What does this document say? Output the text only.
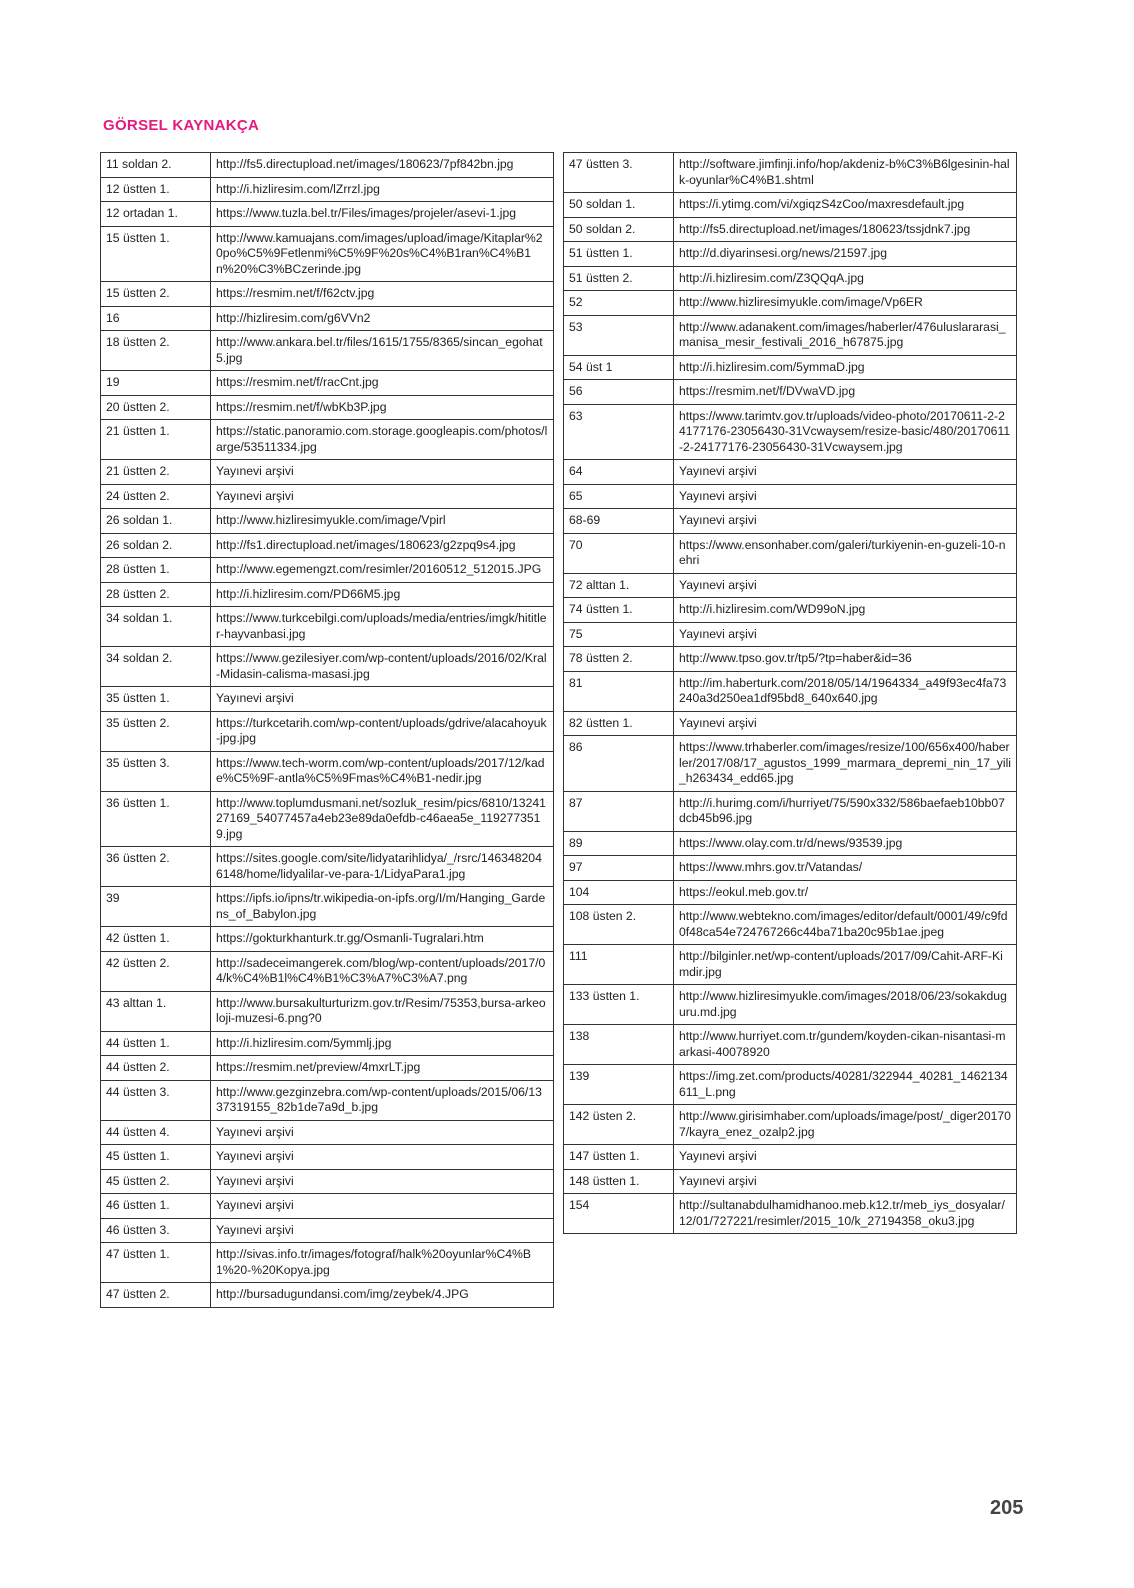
GÖRSEL KAYNAKÇA
11 soldan 2.	http://fs5.directupload.net/images/180623/7pf842bn.jpg
12 üstten 1.	http://i.hizliresim.com/lZrrzl.jpg
12 ortadan 1.	https://www.tuzla.bel.tr/Files/images/projeler/asevi-1.jpg
15 üstten 1.	http://www.kamuajans.com/images/upload/image/Kitaplar%20po%C5%9Fetlenmi%C5%9F%20s%C4%B1ran%C4%B1n%20%C3%BCzerinde.jpg
15 üstten 2.	https://resmim.net/f/f62ctv.jpg
16	http://hizliresim.com/g6VVn2
18 üstten 2.	http://www.ankara.bel.tr/files/1615/1755/8365/sincan_egohat5.jpg
19	https://resmim.net/f/racCnt.jpg
20 üstten 2.	https://resmim.net/f/wbKb3P.jpg
21 üstten 1.	https://static.panoramio.com.storage.googleapis.com/photos/large/53511334.jpg
21 üstten 2.	Yayınevi arşivi
24 üstten 2.	Yayınevi arşivi
26 soldan 1.	http://www.hizliresimyukle.com/image/Vpirl
26 soldan 2.	http://fs1.directupload.net/images/180623/g2zpq9s4.jpg
28 üstten 1.	http://www.egemengzt.com/resimler/20160512_512015.JPG
28 üstten 2.	http://i.hizliresim.com/PD66M5.jpg
34 soldan 1.	https://www.turkcebilgi.com/uploads/media/entries/imgk/hititler-hayvanbasi.jpg
34 soldan 2.	https://www.gezilesiyer.com/wp-content/uploads/2016/02/Kral-Midasin-calisma-masasi.jpg
35 üstten 1.	Yayınevi arşivi
35 üstten 2.	https://turkcetarih.com/wp-content/uploads/gdrive/alacahoyuk-jpg.jpg
35 üstten 3.	https://www.tech-worm.com/wp-content/uploads/2017/12/kade%C5%9F-antla%C5%9Fmas%C4%B1-nedir.jpg
36 üstten 1.	http://www.toplumdusmani.net/sozluk_resim/pics/6810/1324127169_54077457a4eb23e89da0efdb-c46aea5e_1192773519.jpg
36 üstten 2.	https://sites.google.com/site/lidyatarihlidya/_/rsrc/1463482046148/home/lidyalilar-ve-para-1/LidyaPara1.jpg
39	https://ipfs.io/ipns/tr.wikipedia-on-ipfs.org/I/m/Hanging_Gardens_of_Babylon.jpg
42 üstten 1.	https://gokturkhanturk.tr.gg/Osmanli-Tugralari.htm
42 üstten 2.	http://sadeceimangerek.com/blog/wp-content/uploads/2017/04/k%C4%B1l%C4%B1%C3%A7%C3%A7.png
43 alttan 1.	http://www.bursakulturturizm.gov.tr/Resim/75353,bursa-arkeoloji-muzesi-6.png?0
44 üstten 1.	http://i.hizliresim.com/5ymmlj.jpg
44 üstten 2.	https://resmim.net/preview/4mxrLT.jpg
44 üstten 3.	http://www.gezginzebra.com/wp-content/uploads/2015/06/1337319155_82b1de7a9d_b.jpg
44 üstten 4.	Yayınevi arşivi
45 üstten 1.	Yayınevi arşivi
45 üstten 2.	Yayınevi arşivi
46 üstten 1.	Yayınevi arşivi
46 üstten 3.	Yayınevi arşivi
47 üstten 1.	http://sivas.info.tr/images/fotograf/halk%20oyunlar%C4%B1%20-%20Kopya.jpg
47 üstten 2.	http://bursadugundansi.com/img/zeybek/4.JPG
47 üstten 3.	http://software.jimfinji.info/hop/akdeniz-b%C3%B6lgesinin-halk-oyunlar%C4%B1.shtml
50 soldan 1.	https://i.ytimg.com/vi/xgiqzS4zCoo/maxresdefault.jpg
50 soldan 2.	http://fs5.directupload.net/images/180623/tssjdnk7.jpg
51 üstten 1.	http://d.diyarinsesi.org/news/21597.jpg
51 üstten 2.	http://i.hizliresim.com/Z3QQqA.jpg
52	http://www.hizliresimyukle.com/image/Vp6ER
53	http://www.adanakent.com/images/haberler/476uluslararasi_manisa_mesir_festivali_2016_h67875.jpg
54 üst 1	http://i.hizliresim.com/5ymmaD.jpg
56	https://resmim.net/f/DVwaVD.jpg
63	https://www.tarimtv.gov.tr/uploads/video-photo/20170611-2-24177176-23056430-31Vcwaysem/resize-basic/480/20170611-2-24177176-23056430-31Vcwaysem.jpg
64	Yayınevi arşivi
65	Yayınevi arşivi
68-69	Yayınevi arşivi
70	https://www.ensonhaber.com/galeri/turkiyenin-en-guzeli-10-nehri
72 alttan 1.	Yayınevi arşivi
74 üstten 1.	http://i.hizliresim.com/WD99oN.jpg
75	Yayınevi arşivi
78 üstten 2.	http://www.tpso.gov.tr/tp5/?tp=haber&id=36
81	http://im.haberturk.com/2018/05/14/1964334_a49f93ec4fa73240a3d250ea1df95bd8_640x640.jpg
82 üstten 1.	Yayınevi arşivi
86	https://www.trhaberler.com/images/resize/100/656x400/haberler/2017/08/17_agustos_1999_marmara_depremi_nin_17_yili_h263434_edd65.jpg
87	http://i.hurimg.com/i/hurriyet/75/590x332/586baefaeb10bb07dcb45b96.jpg
89	https://www.olay.com.tr/d/news/93539.jpg
97	https://www.mhrs.gov.tr/Vatandas/
104	https://eokul.meb.gov.tr/
108 üsten 2.	http://www.webtekno.com/images/editor/default/0001/49/c9fd0f48ca54e724767266c44ba71ba20c95b1ae.jpeg
111	http://bilginler.net/wp-content/uploads/2017/09/Cahit-ARF-Kimdir.jpg
133 üstten 1.	http://www.hizliresimyukle.com/images/2018/06/23/sokakduguru.md.jpg
138	http://www.hurriyet.com.tr/gundem/koyden-cikan-nisantasi-markasi-40078920
139	https://img.zet.com/products/40281/322944_40281_1462134611_L.png
142 üsten 2.	http://www.girisimhaber.com/uploads/image/post/_diger201707/kayra_enez_ozalp2.jpg
147 üstten 1.	Yayınevi arşivi
148 üstten 1.	Yayınevi arşivi
154	http://sultanabdulhamidhanoo.meb.k12.tr/meb_iys_dosyalar/12/01/727221/resimler/2015_10/k_27194358_oku3.jpg
205
